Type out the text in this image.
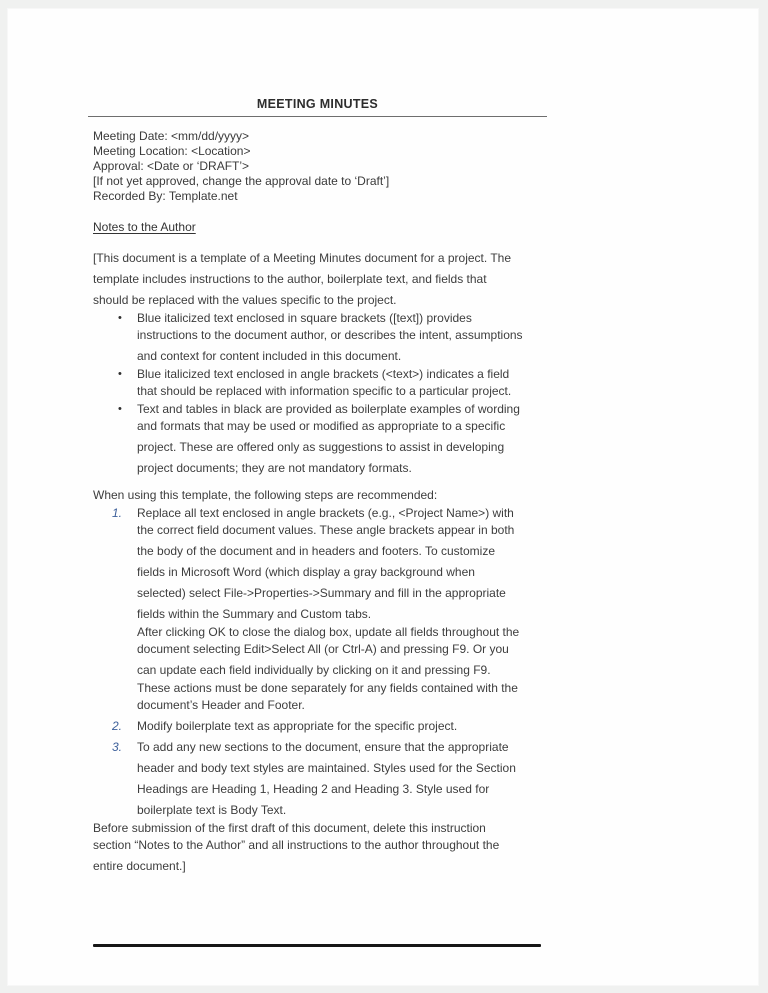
MEETING MINUTES
Meeting Date: <mm/dd/yyyy>
Meeting Location: <Location>
Approval: <Date or ‘DRAFT’>
[If not yet approved, change the approval date to ‘Draft’]
Recorded By: Template.net
Notes to the Author
[This document is a template of a Meeting Minutes document for a project. The
template includes instructions to the author, boilerplate text, and fields that
should be replaced with the values specific to the project.
• Blue italicized text enclosed in square brackets ([text]) provides
instructions to the document author, or describes the intent, assumptions
and context for content included in this document.
• Blue italicized text enclosed in angle brackets (<text>) indicates a field
that should be replaced with information specific to a particular project.
• Text and tables in black are provided as boilerplate examples of wording
and formats that may be used or modified as appropriate to a specific
project. These are offered only as suggestions to assist in developing
project documents; they are not mandatory formats.
When using this template, the following steps are recommended:
1. Replace all text enclosed in angle brackets (e.g., <Project Name>) with
the correct field document values. These angle brackets appear in both
the body of the document and in headers and footers. To customize
fields in Microsoft Word (which display a gray background when
selected) select File->Properties->Summary and fill in the appropriate
fields within the Summary and Custom tabs.
After clicking OK to close the dialog box, update all fields throughout the
document selecting Edit>Select All (or Ctrl-A) and pressing F9. Or you
can update each field individually by clicking on it and pressing F9.
These actions must be done separately for any fields contained with the
document’s Header and Footer.
2. Modify boilerplate text as appropriate for the specific project.
3. To add any new sections to the document, ensure that the appropriate
header and body text styles are maintained. Styles used for the Section
Headings are Heading 1, Heading 2 and Heading 3. Style used for
boilerplate text is Body Text.
Before submission of the first draft of this document, delete this instruction
section “Notes to the Author” and all instructions to the author throughout the
entire document.]
